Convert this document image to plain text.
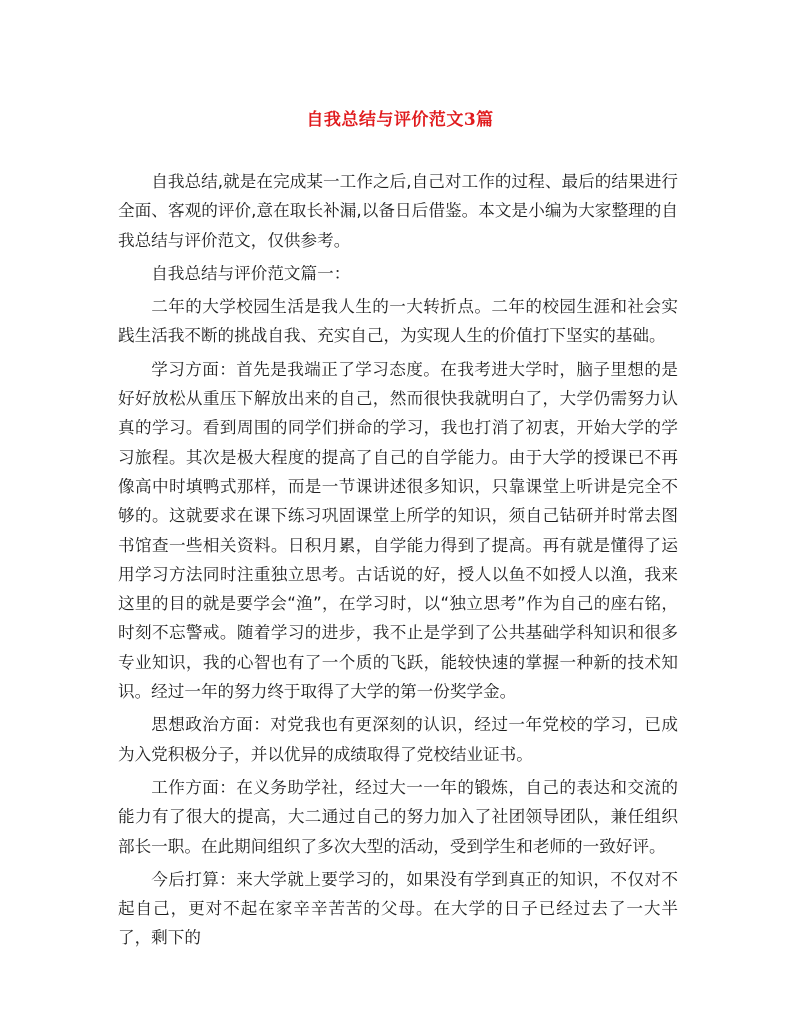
自我总结与评价范文3篇

自我总结,就是在完成某一工作之后,自己对工作的过程、最后的结果进行全面、客观的评价,意在取长补漏,以备日后借鉴。本文是小编为大家整理的自我总结与评价范文，仅供参考。

自我总结与评价范文篇一：

二年的大学校园生活是我人生的一大转折点。二年的校园生涯和社会实践生活我不断的挑战自我、充实自己，为实现人生的价值打下坚实的基础。

学习方面：首先是我端正了学习态度。在我考进大学时，脑子里想的是好好放松从重压下解放出来的自己，然而很快我就明白了，大学仍需努力认真的学习。看到周围的同学们拼命的学习，我也打消了初衷，开始大学的学习旅程。其次是极大程度的提高了自己的自学能力。由于大学的授课已不再像高中时填鸭式那样，而是一节课讲述很多知识，只靠课堂上听讲是完全不够的。这就要求在课下练习巩固课堂上所学的知识，须自己钻研并时常去图书馆查一些相关资料。日积月累，自学能力得到了提高。再有就是懂得了运用学习方法同时注重独立思考。古话说的好，授人以鱼不如授人以渔，我来这里的目的就是要学会“渔”，在学习时，以“独立思考”作为自己的座右铭，时刻不忘警戒。随着学习的进步，我不止是学到了公共基础学科知识和很多专业知识，我的心智也有了一个质的飞跃，能较快速的掌握一种新的技术知识。经过一年的努力终于取得了大学的第一份奖学金。

思想政治方面：对党我也有更深刻的认识，经过一年党校的学习，已成为入党积极分子，并以优异的成绩取得了党校结业证书。

工作方面：在义务助学社，经过大一一年的锻炼，自己的表达和交流的能力有了很大的提高，大二通过自己的努力加入了社团领导团队，兼任组织部长一职。在此期间组织了多次大型的活动，受到学生和老师的一致好评。

今后打算：来大学就上要学习的，如果没有学到真正的知识，不仅对不起自己，更对不起在家辛辛苦苦的父母。在大学的日子已经过去了一大半了，剩下的
